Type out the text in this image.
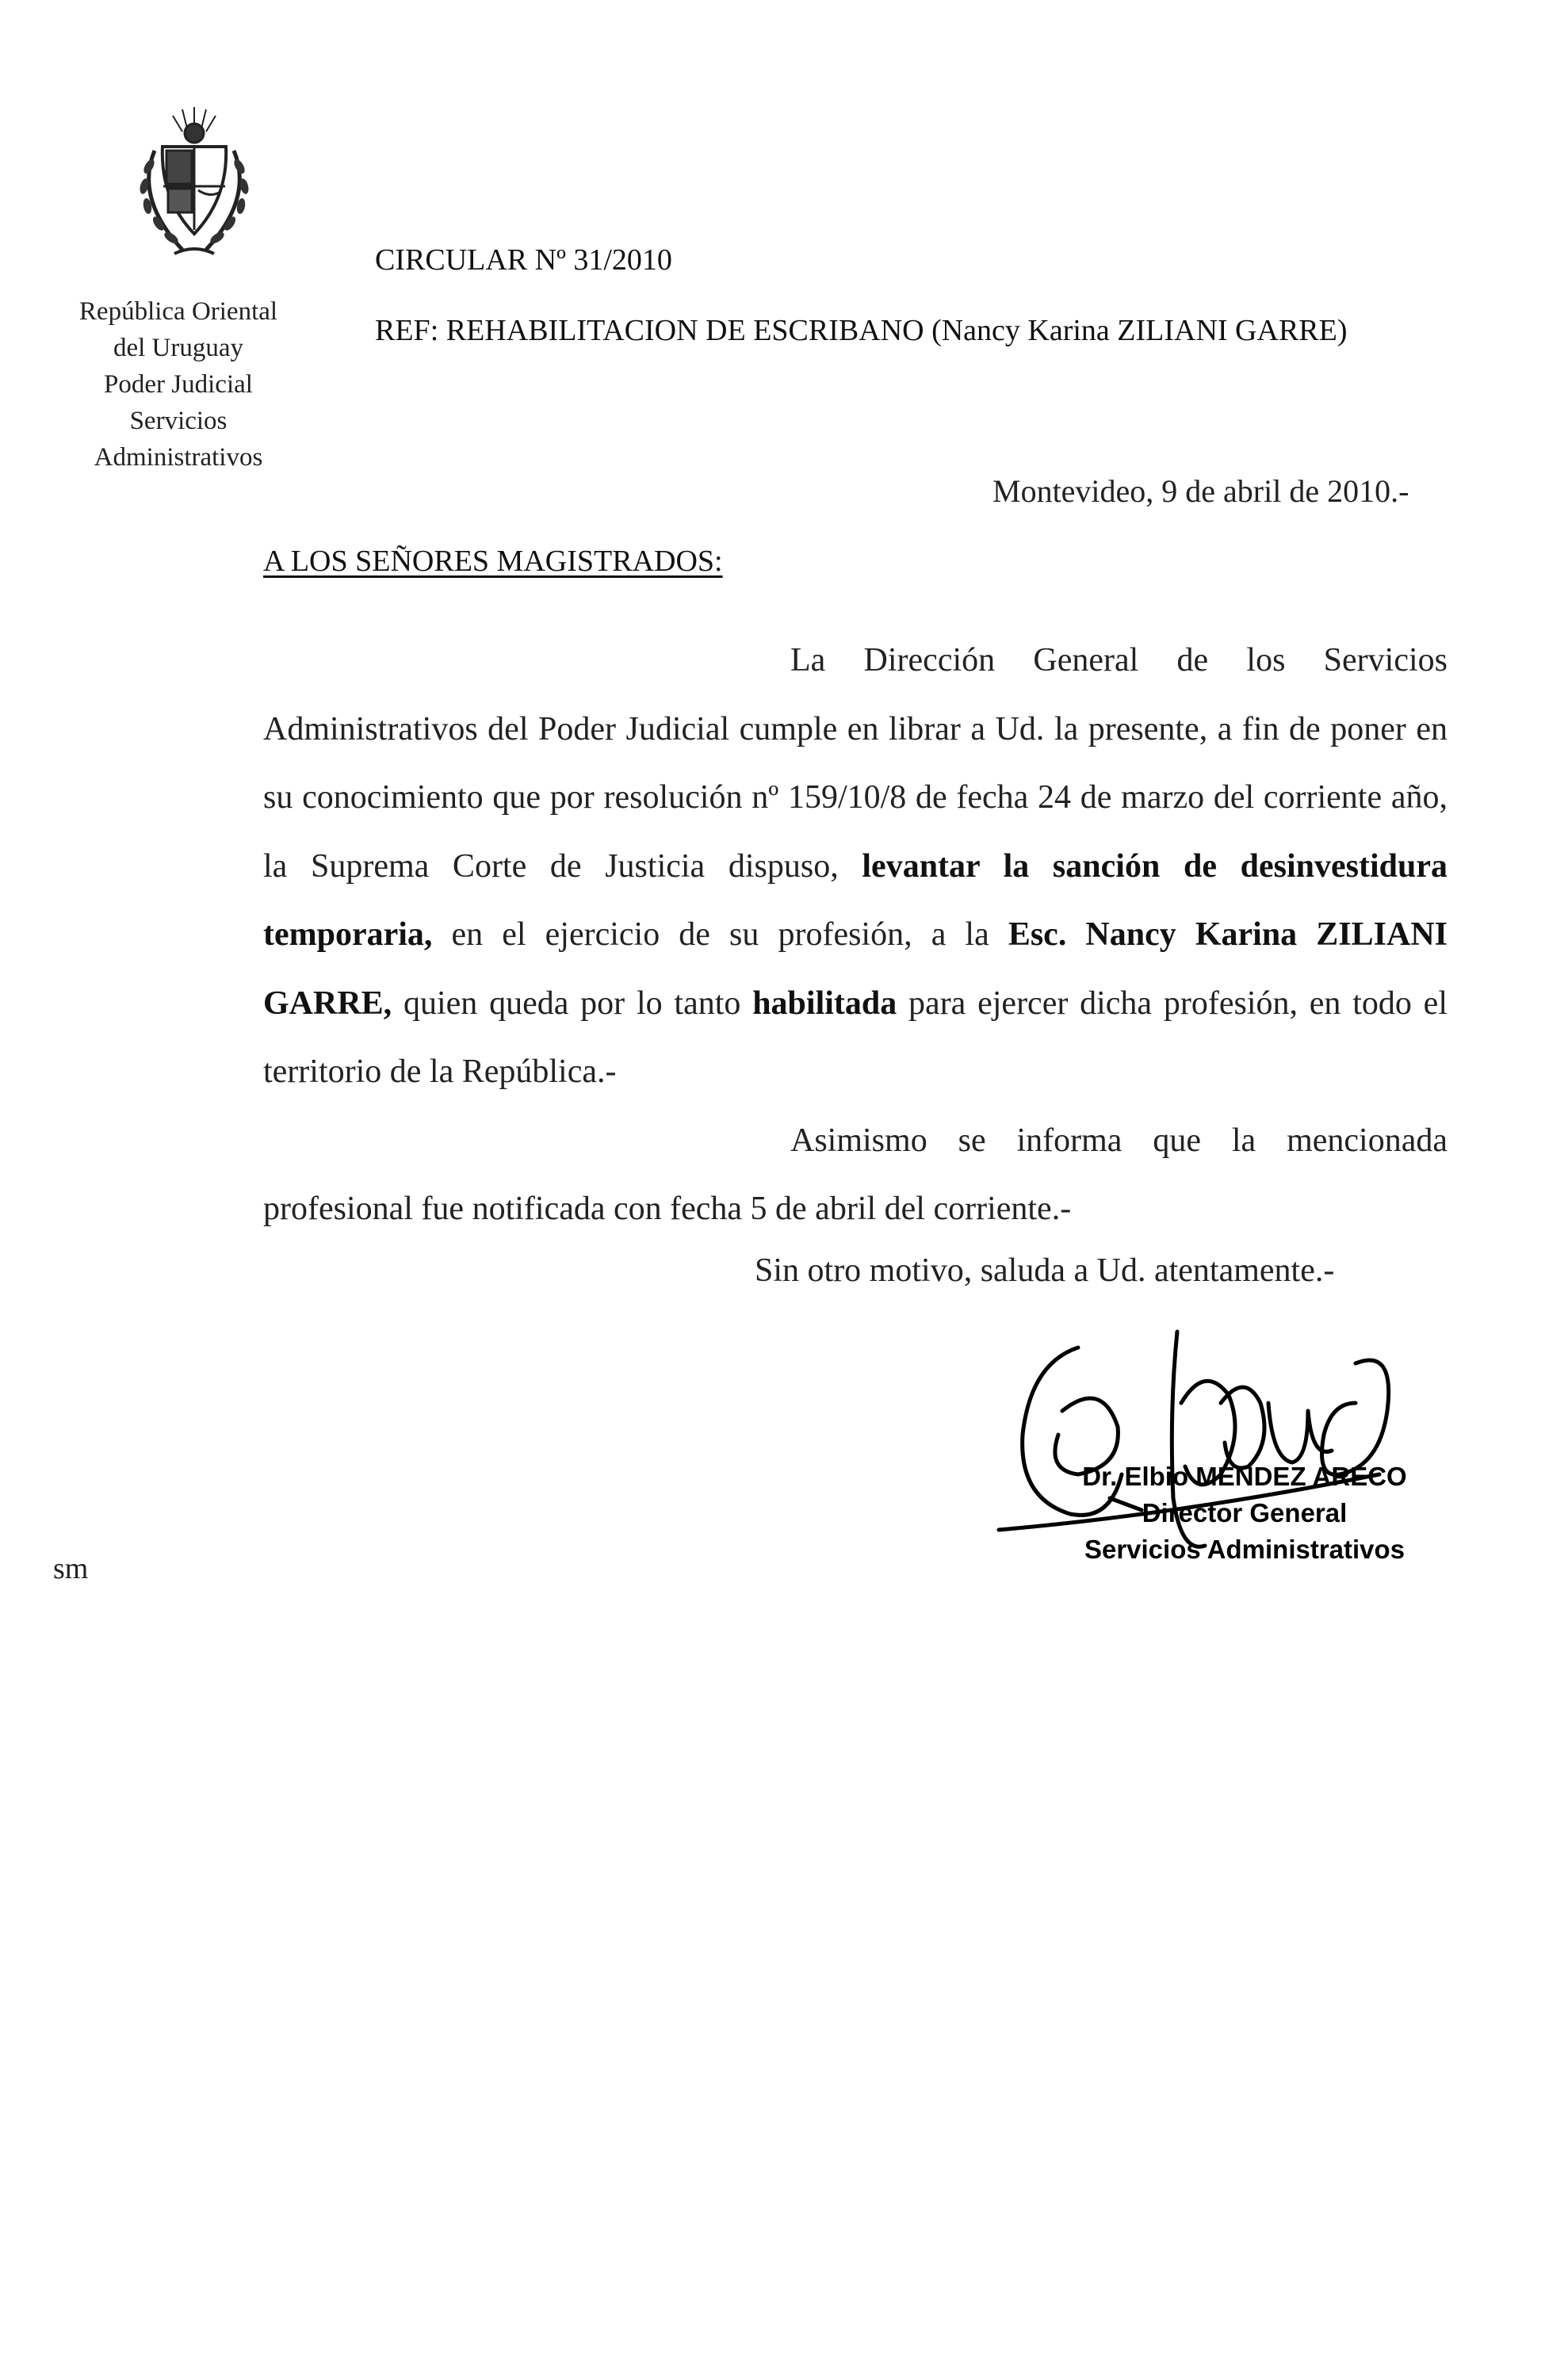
República Oriental
del Uruguay
Poder Judicial
Servicios
Administrativos
CIRCULAR Nº 31/2010
REF: REHABILITACION DE ESCRIBANO (Nancy Karina ZILIANI GARRE)
Montevideo, 9 de abril de 2010.-
A LOS SEÑORES MAGISTRADOS:

La Dirección General de los Servicios Administrativos del Poder Judicial cumple en librar a Ud. la presente, a fin de poner en su conocimiento que por resolución nº 159/10/8 de fecha 24 de marzo del corriente año, la Suprema Corte de Justicia dispuso, levantar la sanción de desinvestidura temporaria, en el ejercicio de su profesión, a la Esc. Nancy Karina ZILIANI GARRE, quien queda por lo tanto habilitada para ejercer dicha profesión, en todo el territorio de la República.-

Asimismo se informa que la mencionada profesional fue notificada con fecha 5 de abril del corriente.-

Sin otro motivo, saluda a Ud. atentamente.-
Dr. Elbio MENDEZ ARECO
Director General
Servicios Administrativos
sm
